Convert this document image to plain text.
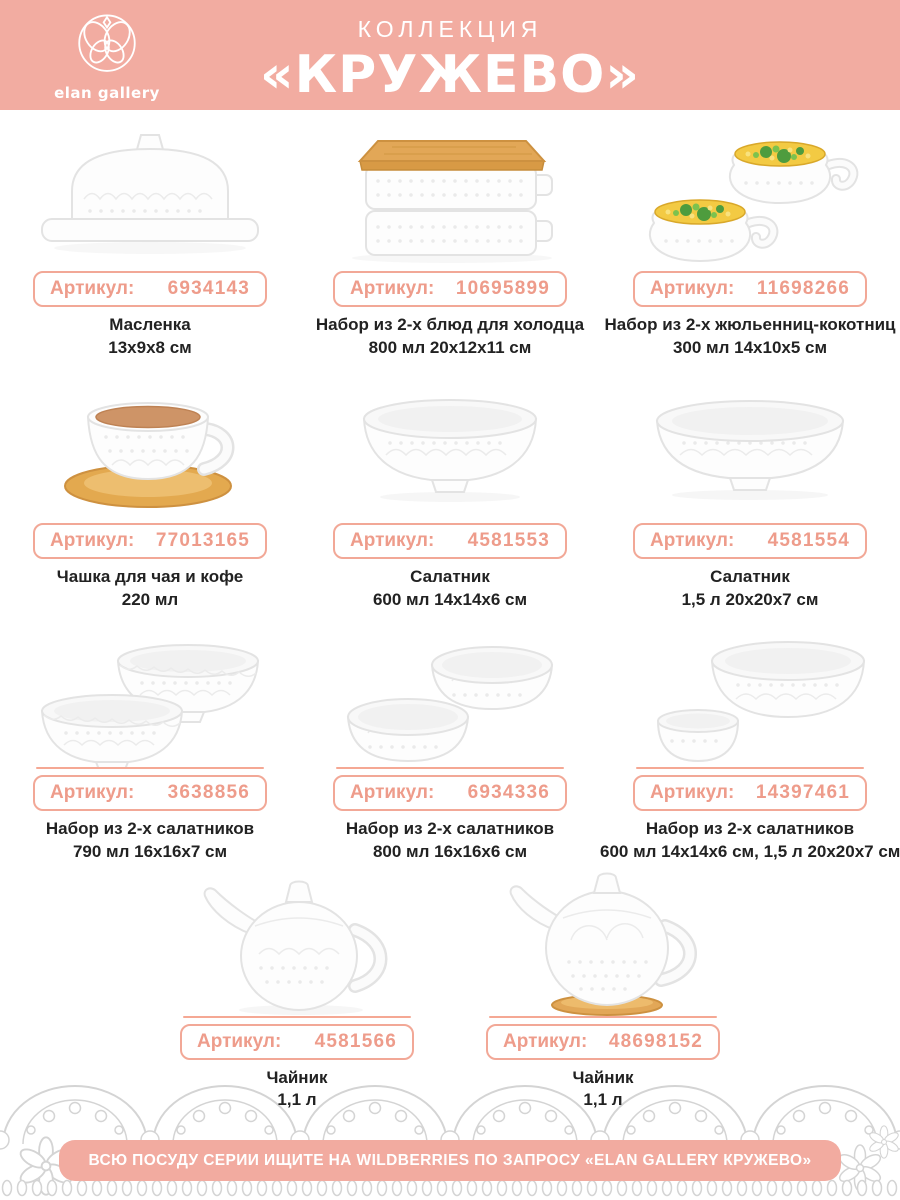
elan gallery
КОЛЛЕКЦИЯ
«КРУЖЕВО»
Артикул: 6934143
Масленка
13х9х8 см
Артикул: 10695899
Набор из 2-х блюд для холодца
800 мл 20х12х11 см
Артикул: 11698266
Набор из 2-х жюльенниц-кокотниц
300 мл 14х10х5 см
Артикул: 77013165
Чашка для чая и кофе
220 мл
Артикул: 4581553
Салатник
600 мл 14х14х6 см
Артикул: 4581554
Салатник
1,5 л 20х20х7 см
Артикул: 3638856
Набор из 2-х салатников
790 мл 16х16х7 см
Артикул: 6934336
Набор из 2-х салатников
800 мл 16х16х6 см
Артикул: 14397461
Набор из 2-х салатников
600 мл 14х14х6 см, 1,5 л 20х20х7 см
Артикул: 4581566
Чайник
1,1 л
Артикул: 48698152
Чайник
1,1 л
ВСЮ ПОСУДУ СЕРИИ ИЩИТЕ НА WILDBERRIES ПО ЗАПРОСУ «ELAN GALLERY КРУЖЕВО»
